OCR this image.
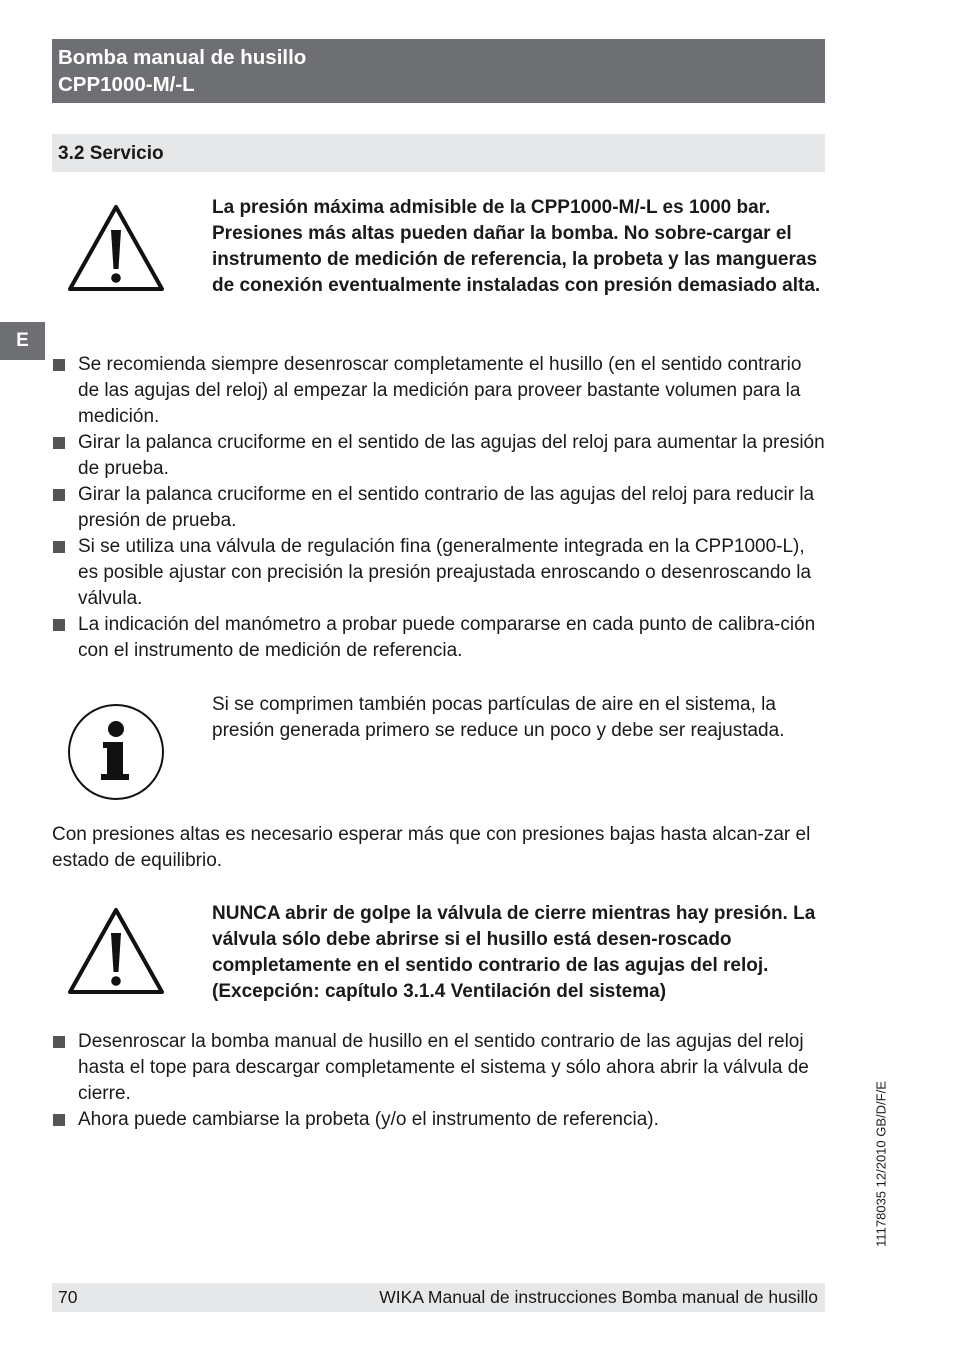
Bomba manual de husillo
CPP1000-M/-L
3.2 Servicio
E
La presión máxima admisible de la CPP1000-M/-L es 1000 bar. Presiones más altas pueden dañar la bomba. No sobre-cargar el instrumento de medición de referencia, la probeta y las mangueras de conexión eventualmente instaladas con presión demasiado alta.
Se recomienda siempre desenroscar completamente el husillo (en el sentido contrario de las agujas del reloj) al empezar la medición para proveer bastante volumen para la medición.
Girar la palanca cruciforme en el sentido de las agujas del reloj para aumentar la presión de prueba.
Girar la palanca cruciforme en el sentido contrario de las agujas del reloj para reducir la presión de prueba.
Si se utiliza una válvula de regulación fina (generalmente integrada en la CPP1000-L), es posible ajustar con precisión la presión preajustada enroscando o desenroscando la válvula.
La indicación del manómetro a probar puede compararse en cada punto de calibra-ción con el instrumento de medición de referencia.
Si se comprimen también pocas partículas de aire en el sistema, la presión generada primero se reduce un poco y debe ser reajustada.

Con presiones altas es necesario esperar más que con presiones bajas hasta alcan-zar el estado de equilibrio.

NUNCA abrir de golpe la válvula de cierre mientras hay presión. La válvula sólo debe abrirse si el husillo está desen-roscado completamente en el sentido contrario de las agujas del reloj. (Excepción: capítulo 3.1.4 Ventilación del sistema)
Desenroscar la bomba manual de husillo en el sentido contrario de las agujas del reloj hasta el tope para descargar completamente el sistema y sólo ahora abrir la válvula de cierre.
Ahora puede cambiarse la probeta (y/o el instrumento de referencia).	11178035 12/2010 GB/D/F/E
70	WIKA Manual de instrucciones Bomba manual de husillo
